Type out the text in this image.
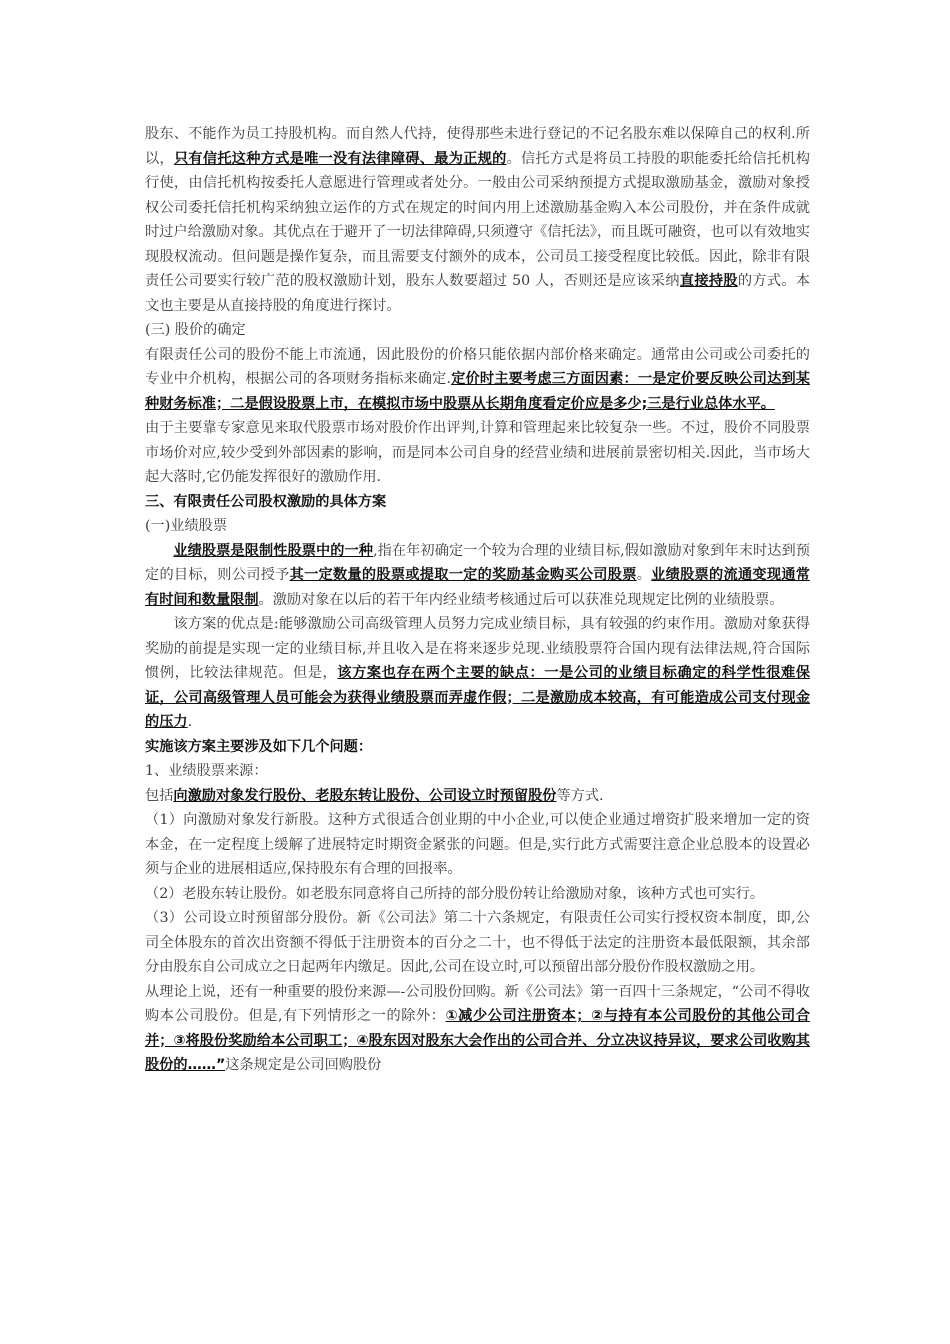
股东、不能作为员工持股机构。而自然人代持，使得那些未进行登记的不记名股东难以保障自己的权利.所以，只有信托这种方式是唯一没有法律障碍、最为正规的。信托方式是将员工持股的职能委托给信托机构行使，由信托机构按委托人意愿进行管理或者处分。一般由公司采纳预提方式提取激励基金，激励对象授权公司委托信托机构采纳独立运作的方式在规定的时间内用上述激励基金购入本公司股份，并在条件成就时过户给激励对象。其优点在于避开了一切法律障碍,只须遵守《信托法》，而且既可融资，也可以有效地实现股权流动。但问题是操作复杂，而且需要支付额外的成本，公司员工接受程度比较低。因此，除非有限责任公司要实行较广范的股权激励计划，股东人数要超过 50 人，否则还是应该采纳直接持股的方式。本文也主要是从直接持股的角度进行探讨。

(三) 股价的确定

有限责任公司的股份不能上市流通，因此股份的价格只能依据内部价格来确定。通常由公司或公司委托的专业中介机构，根据公司的各项财务指标来确定.定价时主要考虑三方面因素：一是定价要反映公司达到某种财务标准；二是假设股票上市，在模拟市场中股票从长期角度看定价应是多少;三是行业总体水平。

由于主要靠专家意见来取代股票市场对股价作出评判,计算和管理起来比较复杂一些。不过，股价不同股票市场价对应,较少受到外部因素的影响，而是同本公司自身的经营业绩和进展前景密切相关.因此，当市场大起大落时,它仍能发挥很好的激励作用.

三、有限责任公司股权激励的具体方案

(一)业绩股票

业绩股票是限制性股票中的一种,指在年初确定一个较为合理的业绩目标,假如激励对象到年末时达到预定的目标，则公司授予其一定数量的股票或提取一定的奖励基金购买公司股票。业绩股票的流通变现通常有时间和数量限制。激励对象在以后的若干年内经业绩考核通过后可以获准兑现规定比例的业绩股票。

该方案的优点是:能够激励公司高级管理人员努力完成业绩目标，具有较强的约束作用。激励对象获得奖励的前提是实现一定的业绩目标,并且收入是在将来逐步兑现.业绩股票符合国内现有法律法规,符合国际惯例，比较法律规范。但是，该方案也存在两个主要的缺点：一是公司的业绩目标确定的科学性很难保证，公司高级管理人员可能会为获得业绩股票而弄虚作假；二是激励成本较高，有可能造成公司支付现金的压力.

实施该方案主要涉及如下几个问题：

1、业绩股票来源：

包括向激励对象发行股份、老股东转让股份、公司设立时预留股份等方式.

（1）向激励对象发行新股。这种方式很适合创业期的中小企业,可以使企业通过增资扩股来增加一定的资本金，在一定程度上缓解了进展特定时期资金紧张的问题。但是,实行此方式需要注意企业总股本的设置必须与企业的进展相适应,保持股东有合理的回报率。

（2）老股东转让股份。如老股东同意将自己所持的部分股份转让给激励对象，该种方式也可实行。

（3）公司设立时预留部分股份。新《公司法》第二十六条规定，有限责任公司实行授权资本制度，即,公司全体股东的首次出资额不得低于注册资本的百分之二十，也不得低于法定的注册资本最低限额，其余部分由股东自公司成立之日起两年内缴足。因此,公司在设立时,可以预留出部分股份作股权激励之用。

从理论上说，还有一种重要的股份来源—-公司股份回购。新《公司法》第一百四十三条规定，“公司不得收购本公司股份。但是,有下列情形之一的除外：①减少公司注册资本；②与持有本公司股份的其他公司合并；③将股份奖励给本公司职工；④股东因对股东大会作出的公司合并、分立决议持异议，要求公司收购其股份的……”这条规定是公司回购股份
